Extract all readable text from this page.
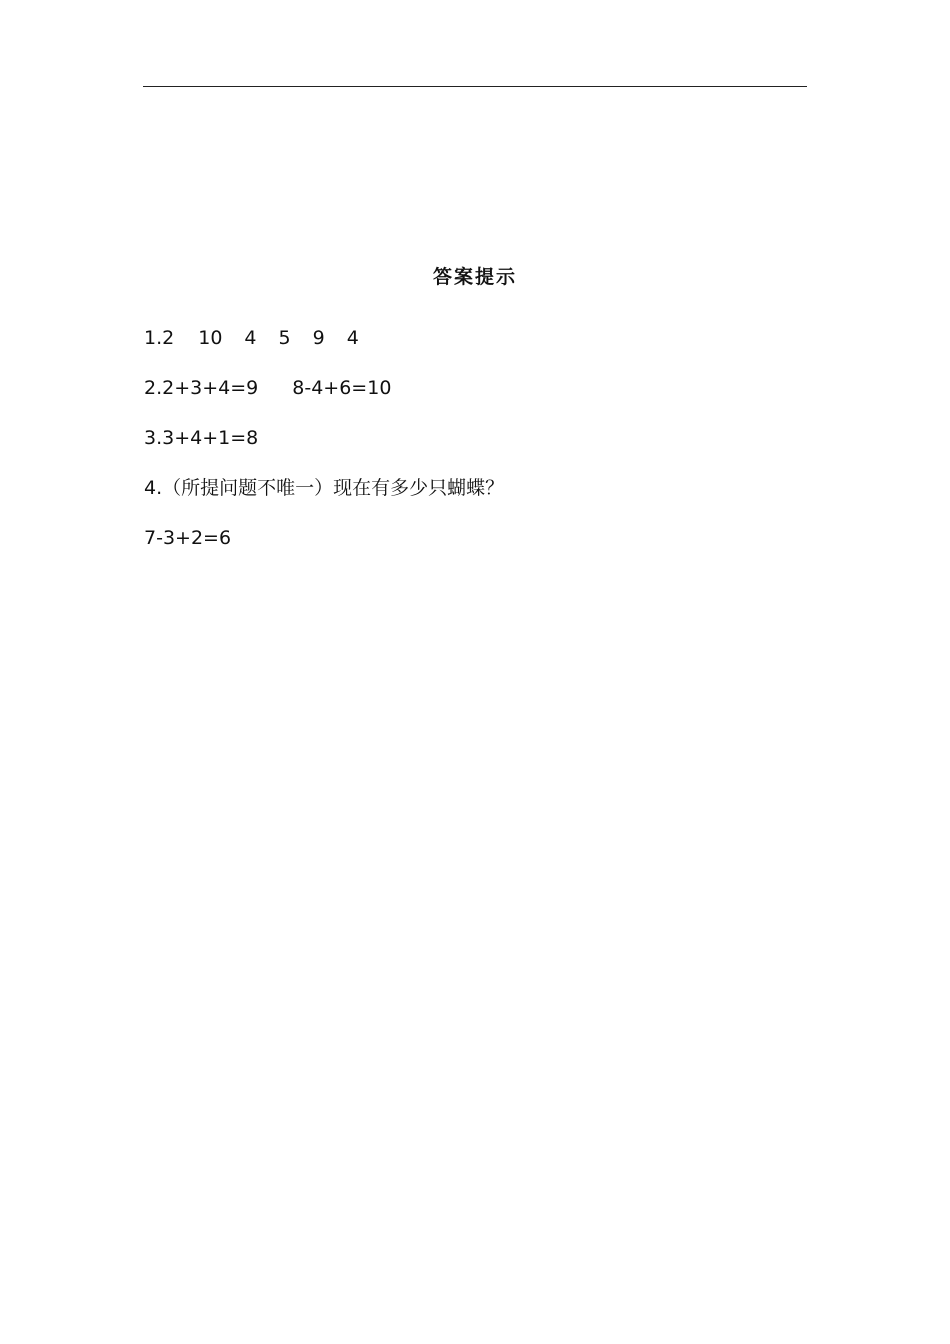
答案提示
1.2 10 4 5 9 4
2.2+3+4=9 8-4+6=10
3.3+4+1=8
4.（所提问题不唯一）现在有多少只蝴蝶？
7-3+2=6
